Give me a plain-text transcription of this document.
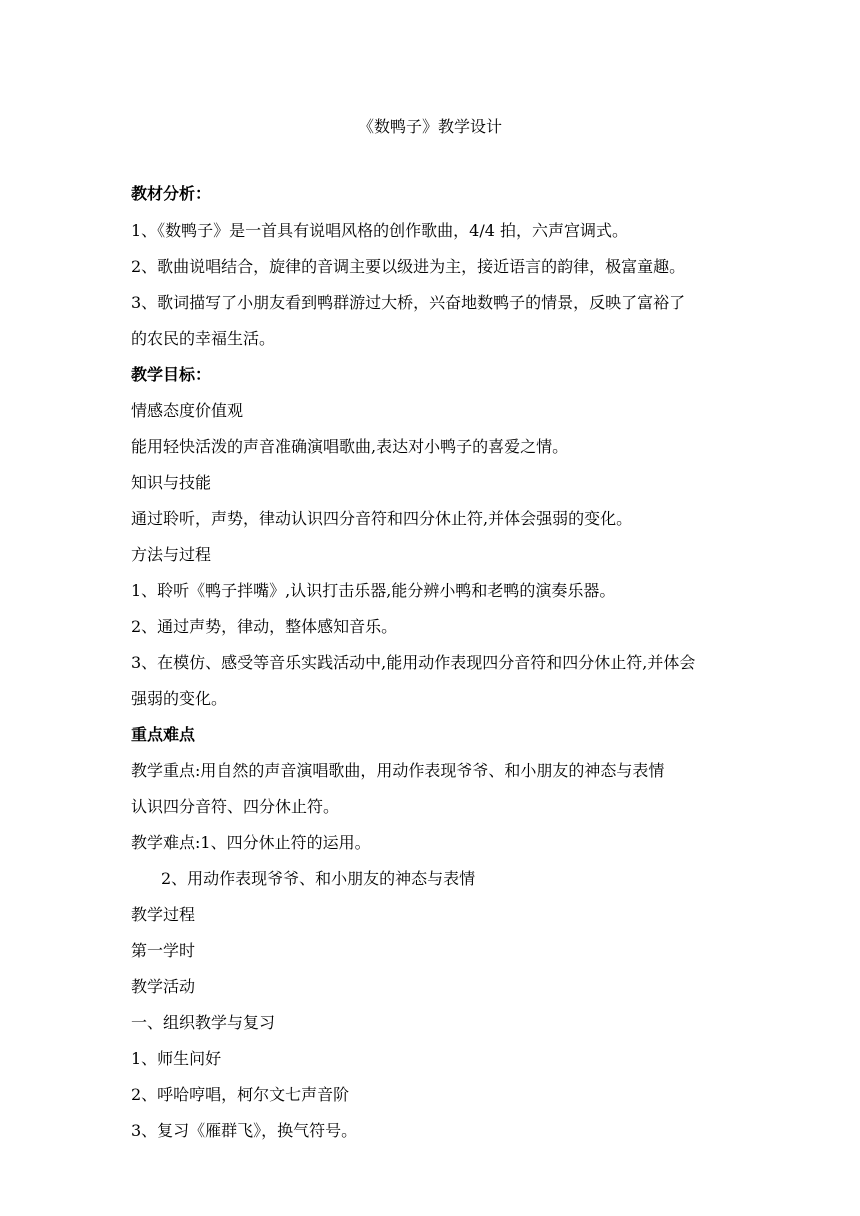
《数鸭子》教学设计
教材分析：
1、《数鸭子》是一首具有说唱风格的创作歌曲，4/4 拍，六声宫调式。
2、歌曲说唱结合，旋律的音调主要以级进为主，接近语言的韵律，极富童趣。
3、歌词描写了小朋友看到鸭群游过大桥，兴奋地数鸭子的情景，反映了富裕了
的农民的幸福生活。
教学目标：
情感态度价值观
能用轻快活泼的声音准确演唱歌曲,表达对小鸭子的喜爱之情。
知识与技能
通过聆听，声势，律动认识四分音符和四分休止符,并体会强弱的变化。
方法与过程
1、聆听《鸭子拌嘴》,认识打击乐器,能分辨小鸭和老鸭的演奏乐器。
2、通过声势，律动，整体感知音乐。
3、在模仿、感受等音乐实践活动中,能用动作表现四分音符和四分休止符,并体会
强弱的变化。
重点难点
教学重点:用自然的声音演唱歌曲，用动作表现爷爷、和小朋友的神态与表情
认识四分音符、四分休止符。
教学难点:1、四分休止符的运用。
2、用动作表现爷爷、和小朋友的神态与表情
教学过程
第一学时
教学活动
一、组织教学与复习
1、师生问好
2、呼哈哼唱，柯尔文七声音阶
3、复习《雁群飞》，换气符号。
